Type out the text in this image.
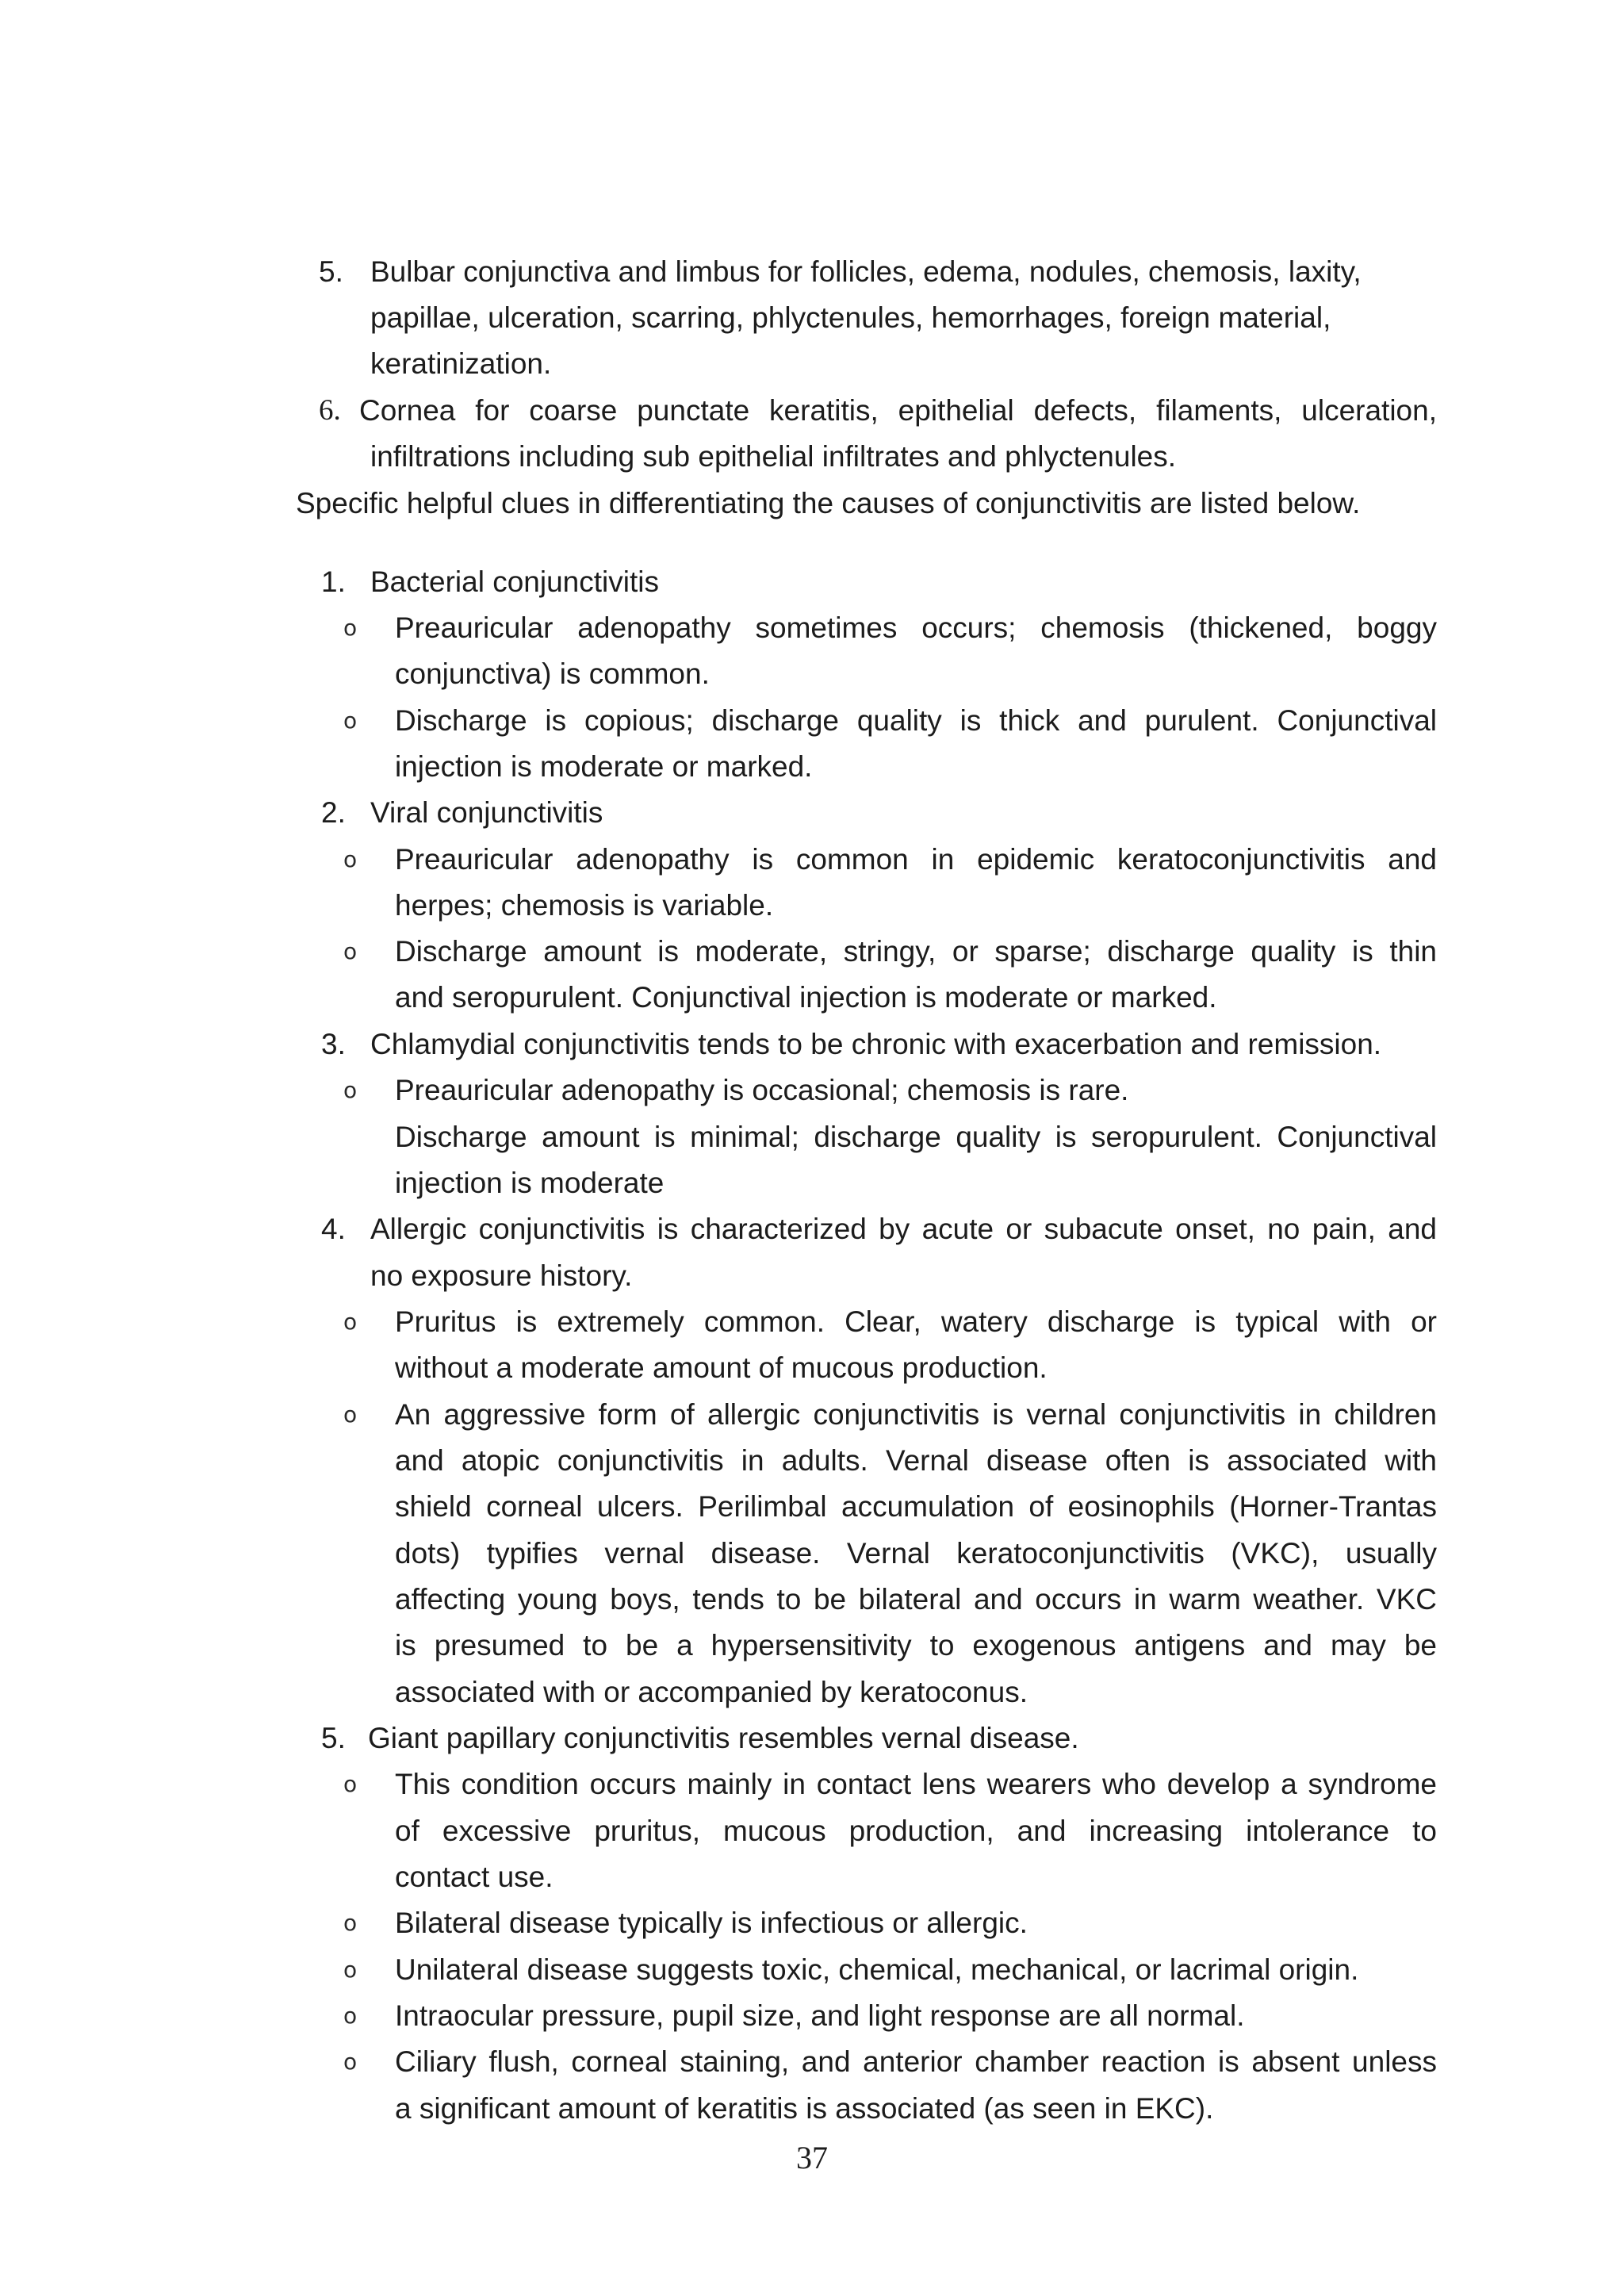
5. Bulbar conjunctiva and limbus for follicles, edema, nodules, chemosis, laxity,
papillae, ulceration, scarring, phlyctenules, hemorrhages, foreign material,
keratinization.
6. Cornea for coarse punctate keratitis, epithelial defects, filaments, ulceration,
infiltrations including sub epithelial infiltrates and phlyctenules.
Specific helpful clues in differentiating the causes of conjunctivitis are listed below.
1. Bacterial conjunctivitis
o Preauricular adenopathy sometimes occurs; chemosis (thickened, boggy
conjunctiva) is common.
o Discharge is copious; discharge quality is thick and purulent. Conjunctival
injection is moderate or marked.
2. Viral conjunctivitis
o Preauricular adenopathy is common in epidemic keratoconjunctivitis and
herpes; chemosis is variable.
o Discharge amount is moderate, stringy, or sparse; discharge quality is thin
and seropurulent. Conjunctival injection is moderate or marked.
3. Chlamydial conjunctivitis tends to be chronic with exacerbation and remission.
o Preauricular adenopathy is occasional; chemosis is rare.
Discharge amount is minimal; discharge quality is seropurulent. Conjunctival
injection is moderate
4. Allergic conjunctivitis is characterized by acute or subacute onset, no pain, and
no exposure history.
o Pruritus is extremely common. Clear, watery discharge is typical with or
without a moderate amount of mucous production.
o An aggressive form of allergic conjunctivitis is vernal conjunctivitis in children
and atopic conjunctivitis in adults. Vernal disease often is associated with
shield corneal ulcers. Perilimbal accumulation of eosinophils (Horner-Trantas
dots) typifies vernal disease. Vernal keratoconjunctivitis (VKC), usually
affecting young boys, tends to be bilateral and occurs in warm weather. VKC
is presumed to be a hypersensitivity to exogenous antigens and may be
associated with or accompanied by keratoconus.
5. Giant papillary conjunctivitis resembles vernal disease.
o This condition occurs mainly in contact lens wearers who develop a syndrome
of excessive pruritus, mucous production, and increasing intolerance to
contact use.
o Bilateral disease typically is infectious or allergic.
o Unilateral disease suggests toxic, chemical, mechanical, or lacrimal origin.
o Intraocular pressure, pupil size, and light response are all normal.
o Ciliary flush, corneal staining, and anterior chamber reaction is absent unless
a significant amount of keratitis is associated (as seen in EKC).
37
